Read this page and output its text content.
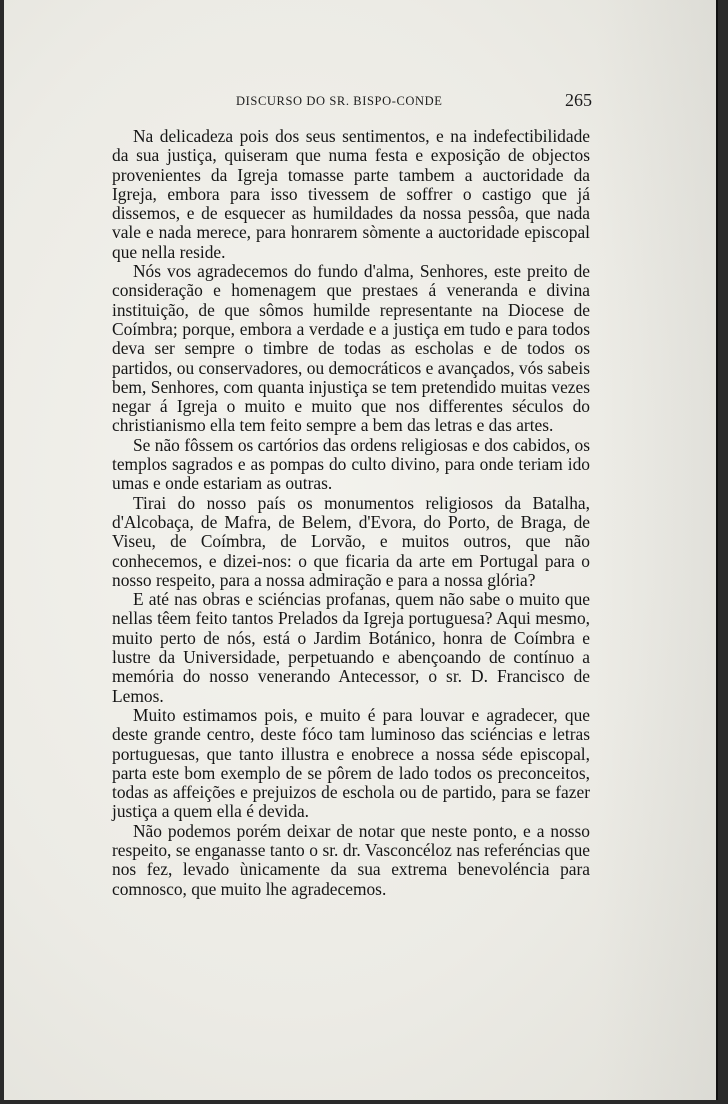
DISCURSO DO SR. BISPO-CONDE	265

Na delicadeza pois dos seus sentimentos, e na indefectibilidade da sua justiça, quiseram que numa festa e exposição de objectos provenientes da Igreja tomasse parte tambem a auctoridade da Igreja, embora para isso tivessem de soffrer o castigo que já dissemos, e de esquecer as humildades da nossa pessôa, que nada vale e nada merece, para honrarem sòmente a auctoridade episcopal que nella reside.

Nós vos agradecemos do fundo d'alma, Senhores, este preito de consideração e homenagem que prestaes á veneranda e divina instituição, de que sômos humilde representante na Diocese de Coímbra; porque, embora a verdade e a justiça em tudo e para todos deva ser sempre o timbre de todas as escholas e de todos os partidos, ou conservadores, ou democráticos e avançados, vós sabeis bem, Senhores, com quanta injustiça se tem pretendido muitas vezes negar á Igreja o muito e muito que nos differentes séculos do christianismo ella tem feito sempre a bem das letras e das artes.

Se não fôssem os cartórios das ordens religiosas e dos cabidos, os templos sagrados e as pompas do culto divino, para onde teriam ido umas e onde estariam as outras.

Tirai do nosso país os monumentos religiosos da Batalha, d'Alcobaça, de Mafra, de Belem, d'Evora, do Porto, de Braga, de Viseu, de Coímbra, de Lorvão, e muitos outros, que não conhecemos, e dizei-nos: o que ficaria da arte em Portugal para o nosso respeito, para a nossa admiração e para a nossa glória?

E até nas obras e sciéncias profanas, quem não sabe o muito que nellas têem feito tantos Prelados da Igreja portuguesa? Aqui mesmo, muito perto de nós, está o Jardim Botánico, honra de Coímbra e lustre da Universidade, perpetuando e abençoando de contínuo a memória do nosso venerando Antecessor, o sr. D. Francisco de Lemos.

Muito estimamos pois, e muito é para louvar e agradecer, que deste grande centro, deste fóco tam luminoso das sciéncias e letras portuguesas, que tanto illustra e enobrece a nossa séde episcopal, parta este bom exemplo de se pôrem de lado todos os preconceitos, todas as affeições e prejuizos de eschola ou de partido, para se fazer justiça a quem ella é devida.

Não podemos porém deixar de notar que neste ponto, e a nosso respeito, se enganasse tanto o sr. dr. Vasconcéloz nas referéncias que nos fez, levado ùnicamente da sua extrema benevoléncia para comnosco, que muito lhe agradecemos.
